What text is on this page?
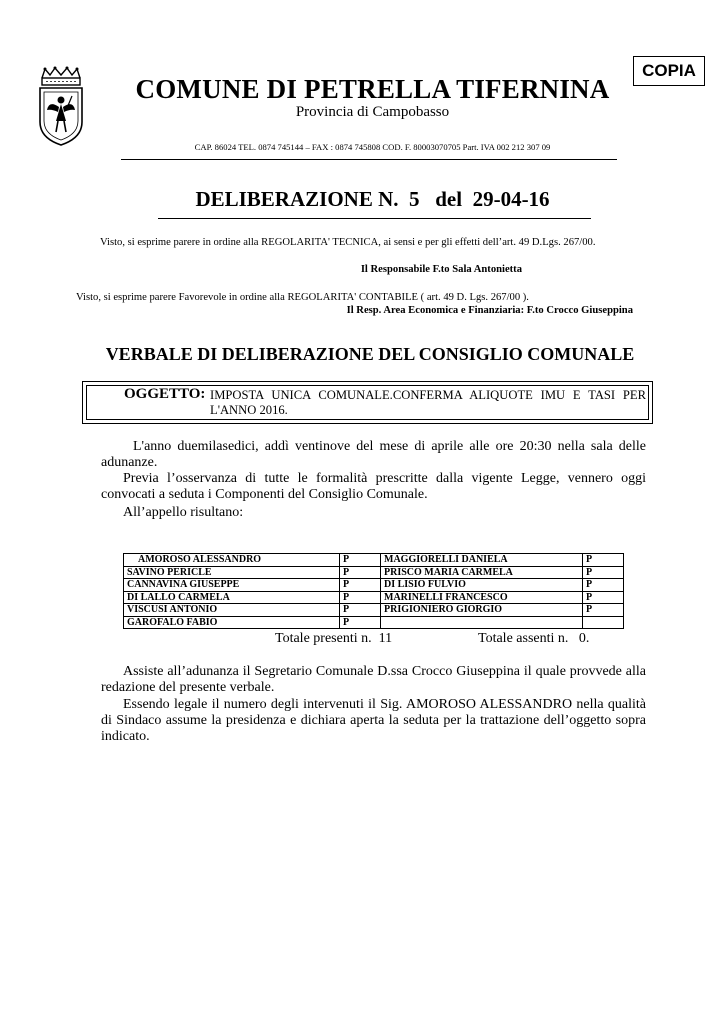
COPIA
COMUNE DI PETRELLA TIFERNINA
Provincia di Campobasso
CAP. 86024 TEL. 0874 745144 – FAX : 0874 745808 COD. F. 80003070705 Part. IVA 002 212 307 09
DELIBERAZIONE N.  5   del  29-04-16
Visto, si esprime parere in ordine alla REGOLARITA' TECNICA, ai sensi e per gli effetti dell’art. 49 D.Lgs. 267/00.
Il Responsabile F.to Sala Antonietta
Visto, si esprime parere Favorevole in ordine alla REGOLARITA' CONTABILE ( art. 49 D. Lgs. 267/00 ).
Il Resp. Area Economica e Finanziaria: F.to Crocco Giuseppina
VERBALE DI DELIBERAZIONE DEL CONSIGLIO COMUNALE
OGGETTO: IMPOSTA UNICA COMUNALE.CONFERMA ALIQUOTE IMU E TASI PER
L'ANNO 2016.
L'anno duemilasedici, addì ventinove del mese di aprile alle ore 20:30 nella sala delle adunanze.
Previa l’osservanza di tutte le formalità prescritte dalla vigente Legge, vennero oggi convocati a seduta i Componenti del Consiglio Comunale.
All’appello risultano:
AMOROSO ALESSANDRO	P	MAGGIORELLI DANIELA	P
SAVINO PERICLE	P	PRISCO MARIA CARMELA	P
CANNAVINA GIUSEPPE	P	DI LISIO FULVIO	P
DI LALLO CARMELA	P	MARINELLI FRANCESCO	P
VISCUSI ANTONIO	P	PRIGIONIERO GIORGIO	P
GAROFALO FABIO	P		
Totale presenti n.  11	Totale assenti n.   0.
Assiste all’adunanza il Segretario Comunale D.ssa Crocco Giuseppina il quale provvede alla redazione del presente verbale.
Essendo legale il numero degli intervenuti il Sig. AMOROSO ALESSANDRO nella qualità di Sindaco assume la presidenza e dichiara aperta la seduta per la trattazione dell’oggetto sopra indicato.
